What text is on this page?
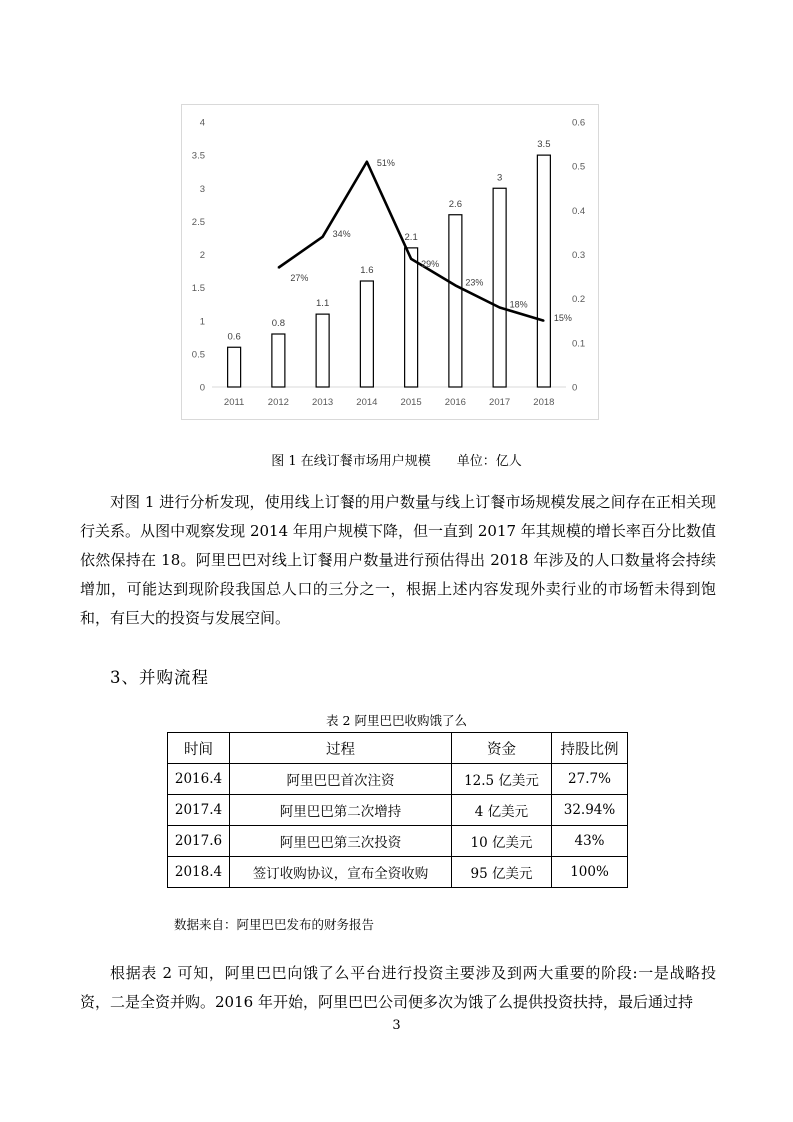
0
0.5
1
1.5
2
2.5
3
3.5
4
0
0.1
0.2
0.3
0.4
0.5
0.6
2011 2012 2013 2014 2015 2016 2017 2018
0.6
0.8
1.1
1.6
2.1
2.6
3
3.5
27%
34%
51%
29%
23%
18%
15%
图 1 在线订餐市场用户规模 单位：亿人

对图 1 进行分析发现，使用线上订餐的用户数量与线上订餐市场规模发展之间存在正相关现行关系。从图中观察发现 2014 年用户规模下降，但一直到 2017 年其规模的增长率百分比数值依然保持在 18。阿里巴巴对线上订餐用户数量进行预估得出 2018 年涉及的人口数量将会持续增加，可能达到现阶段我国总人口的三分之一，根据上述内容发现外卖行业的市场暂未得到饱和，有巨大的投资与发展空间。

3、并购流程
表 2 阿里巴巴收购饿了么
时间	过程	资金	持股比例
2016.4	阿里巴巴首次注资	12.5 亿美元	27.7%
2017.4	阿里巴巴第二次增持	4 亿美元	32.94%
2017.6	阿里巴巴第三次投资	10 亿美元	43%
2018.4	签订收购协议，宣布全资收购	95 亿美元	100%
数据来自：阿里巴巴发布的财务报告

根据表 2 可知，阿里巴巴向饿了么平台进行投资主要涉及到两大重要的阶段:一是战略投资，二是全资并购。2016 年开始，阿里巴巴公司便多次为饿了么提供投资扶持，最后通过持

3
